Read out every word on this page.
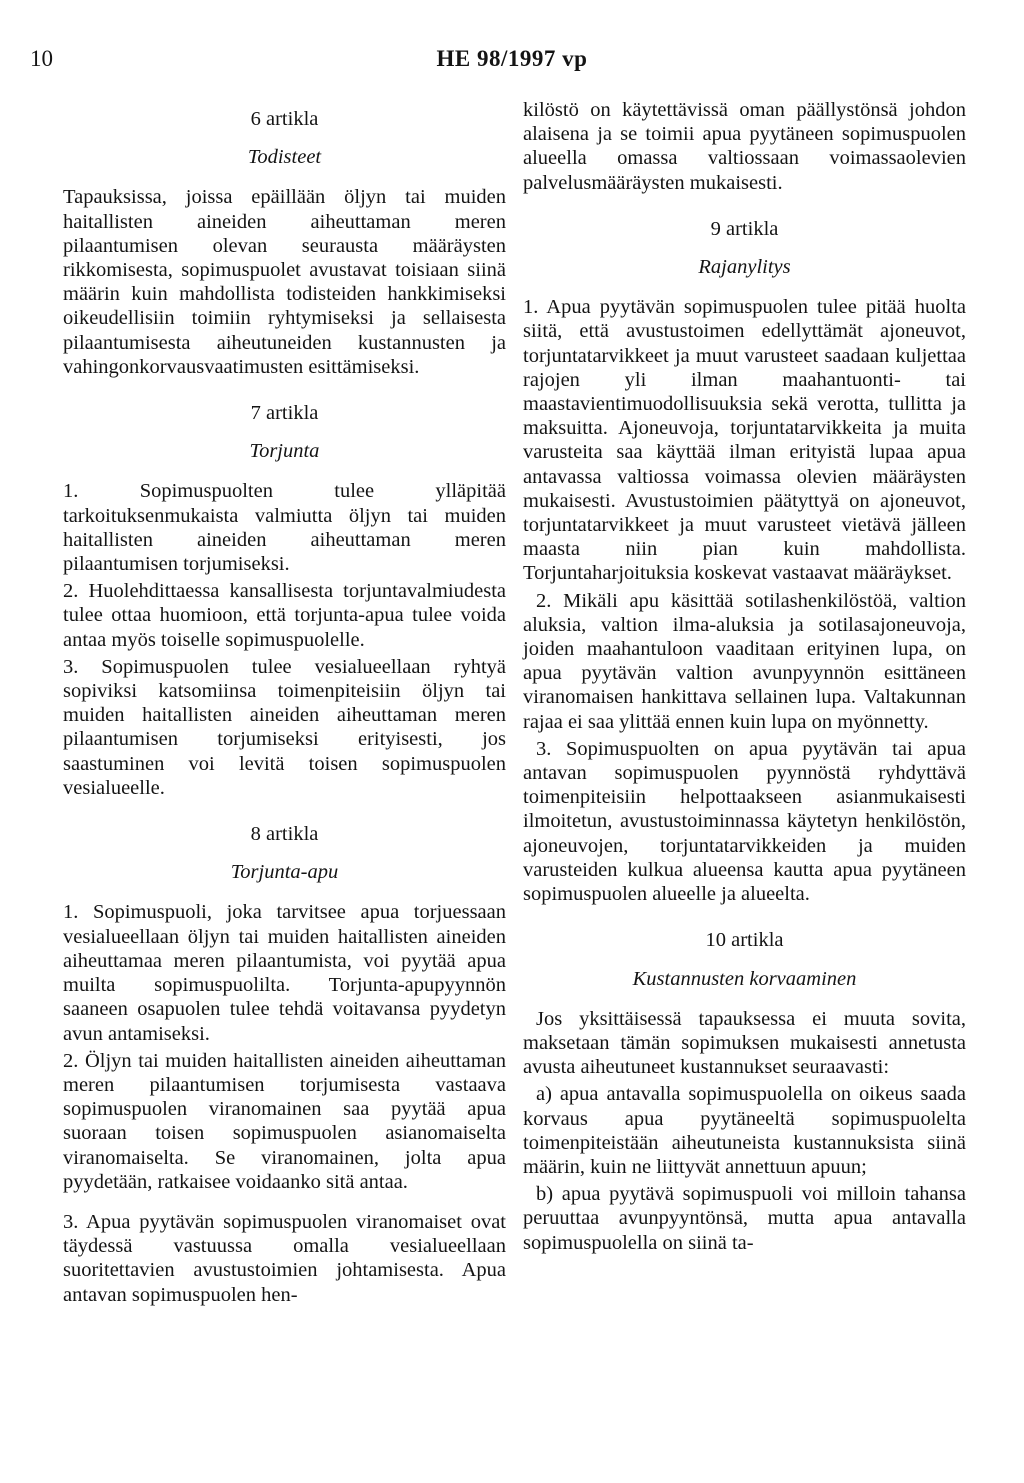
10	HE 98/1997 vp
6 artikla
Todisteet

Tapauksissa, joissa epäillään öljyn tai muiden haitallisten aineiden aiheuttaman meren pilaantumisen olevan seurausta määräysten rikkomisesta, sopimuspuolet avustavat toisiaan siinä määrin kuin mahdollista todisteiden hankkimiseksi oikeudellisiin toimiin ryhtymiseksi ja sellaisesta pilaantumisesta aiheutuneiden kustannusten ja vahingonkorvausvaatimusten esittämiseksi.

7 artikla
Torjunta

1. Sopimuspuolten tulee ylläpitää tarkoituksenmukaista valmiutta öljyn tai muiden haitallisten aineiden aiheuttaman meren pilaantumisen torjumiseksi.

2. Huolehdittaessa kansallisesta torjuntavalmiudesta tulee ottaa huomioon, että torjunta-apua tulee voida antaa myös toiselle sopimuspuolelle.

3. Sopimuspuolen tulee vesialueellaan ryhtyä sopiviksi katsomiinsa toimenpiteisiin öljyn tai muiden haitallisten aineiden aiheuttaman meren pilaantumisen torjumiseksi erityisesti, jos saastuminen voi levitä toisen sopimuspuolen vesialueelle.

8 artikla
Torjunta-apu

1. Sopimuspuoli, joka tarvitsee apua torjuessaan vesialueellaan öljyn tai muiden haitallisten aineiden aiheuttamaa meren pilaantumista, voi pyytää apua muilta sopimuspuolilta. Torjunta-apupyynnön saaneen osapuolen tulee tehdä voitavansa pyydetyn avun antamiseksi.

2. Öljyn tai muiden haitallisten aineiden aiheuttaman meren pilaantumisen torjumisesta vastaava sopimuspuolen viranomainen saa pyytää apua suoraan toisen sopimuspuolen asianomaiselta viranomaiselta. Se viranomainen, jolta apua pyydetään, ratkaisee voidaanko sitä antaa.

3. Apua pyytävän sopimuspuolen viranomaiset ovat täydessä vastuussa omalla vesialueellaan suoritettavien avustustoimien johtamisesta. Apua antavan sopimuspuolen hen-

kilöstö on käytettävissä oman päällystönsä johdon alaisena ja se toimii apua pyytäneen sopimuspuolen alueella omassa valtiossaan voimassaolevien palvelusmääräysten mukaisesti.

9 artikla
Rajanylitys

1. Apua pyytävän sopimuspuolen tulee pitää huolta siitä, että avustustoimen edellyttämät ajoneuvot, torjuntatarvikkeet ja muut varusteet saadaan kuljettaa rajojen yli ilman maahantuonti- tai maastavientimuodollisuuksia sekä verotta, tullitta ja maksuitta. Ajoneuvoja, torjuntatarvikkeita ja muita varusteita saa käyttää ilman erityistä lupaa apua antavassa valtiossa voimassa olevien määräysten mukaisesti. Avustustoimien päätyttyä on ajoneuvot, torjuntatarvikkeet ja muut varusteet vietävä jälleen maasta niin pian kuin mahdollista. Torjuntaharjoituksia koskevat vastaavat määräykset.

2. Mikäli apu käsittää sotilashenkilöstöä, valtion aluksia, valtion ilma-aluksia ja sotilasajoneuvoja, joiden maahantuloon vaaditaan erityinen lupa, on apua pyytävän valtion avunpyynnön esittäneen viranomaisen hankittava sellainen lupa. Valtakunnan rajaa ei saa ylittää ennen kuin lupa on myönnetty.

3. Sopimuspuolten on apua pyytävän tai apua antavan sopimuspuolen pyynnöstä ryhdyttävä toimenpiteisiin helpottaakseen asianmukaisesti ilmoitetun, avustustoiminnassa käytetyn henkilöstön, ajoneuvojen, torjuntatarvikkeiden ja muiden varusteiden kulkua alueensa kautta apua pyytäneen sopimuspuolen alueelle ja alueelta.

10 artikla
Kustannusten korvaaminen

Jos yksittäisessä tapauksessa ei muuta sovita, maksetaan tämän sopimuksen mukaisesti annetusta avusta aiheutuneet kustannukset seuraavasti:

a) apua antavalla sopimuspuolella on oikeus saada korvaus apua pyytäneeltä sopimuspuolelta toimenpiteistään aiheutuneista kustannuksista siinä määrin, kuin ne liittyvät annettuun apuun;

b) apua pyytävä sopimuspuoli voi milloin tahansa peruuttaa avunpyyntönsä, mutta apua antavalla sopimuspuolella on siinä ta-
